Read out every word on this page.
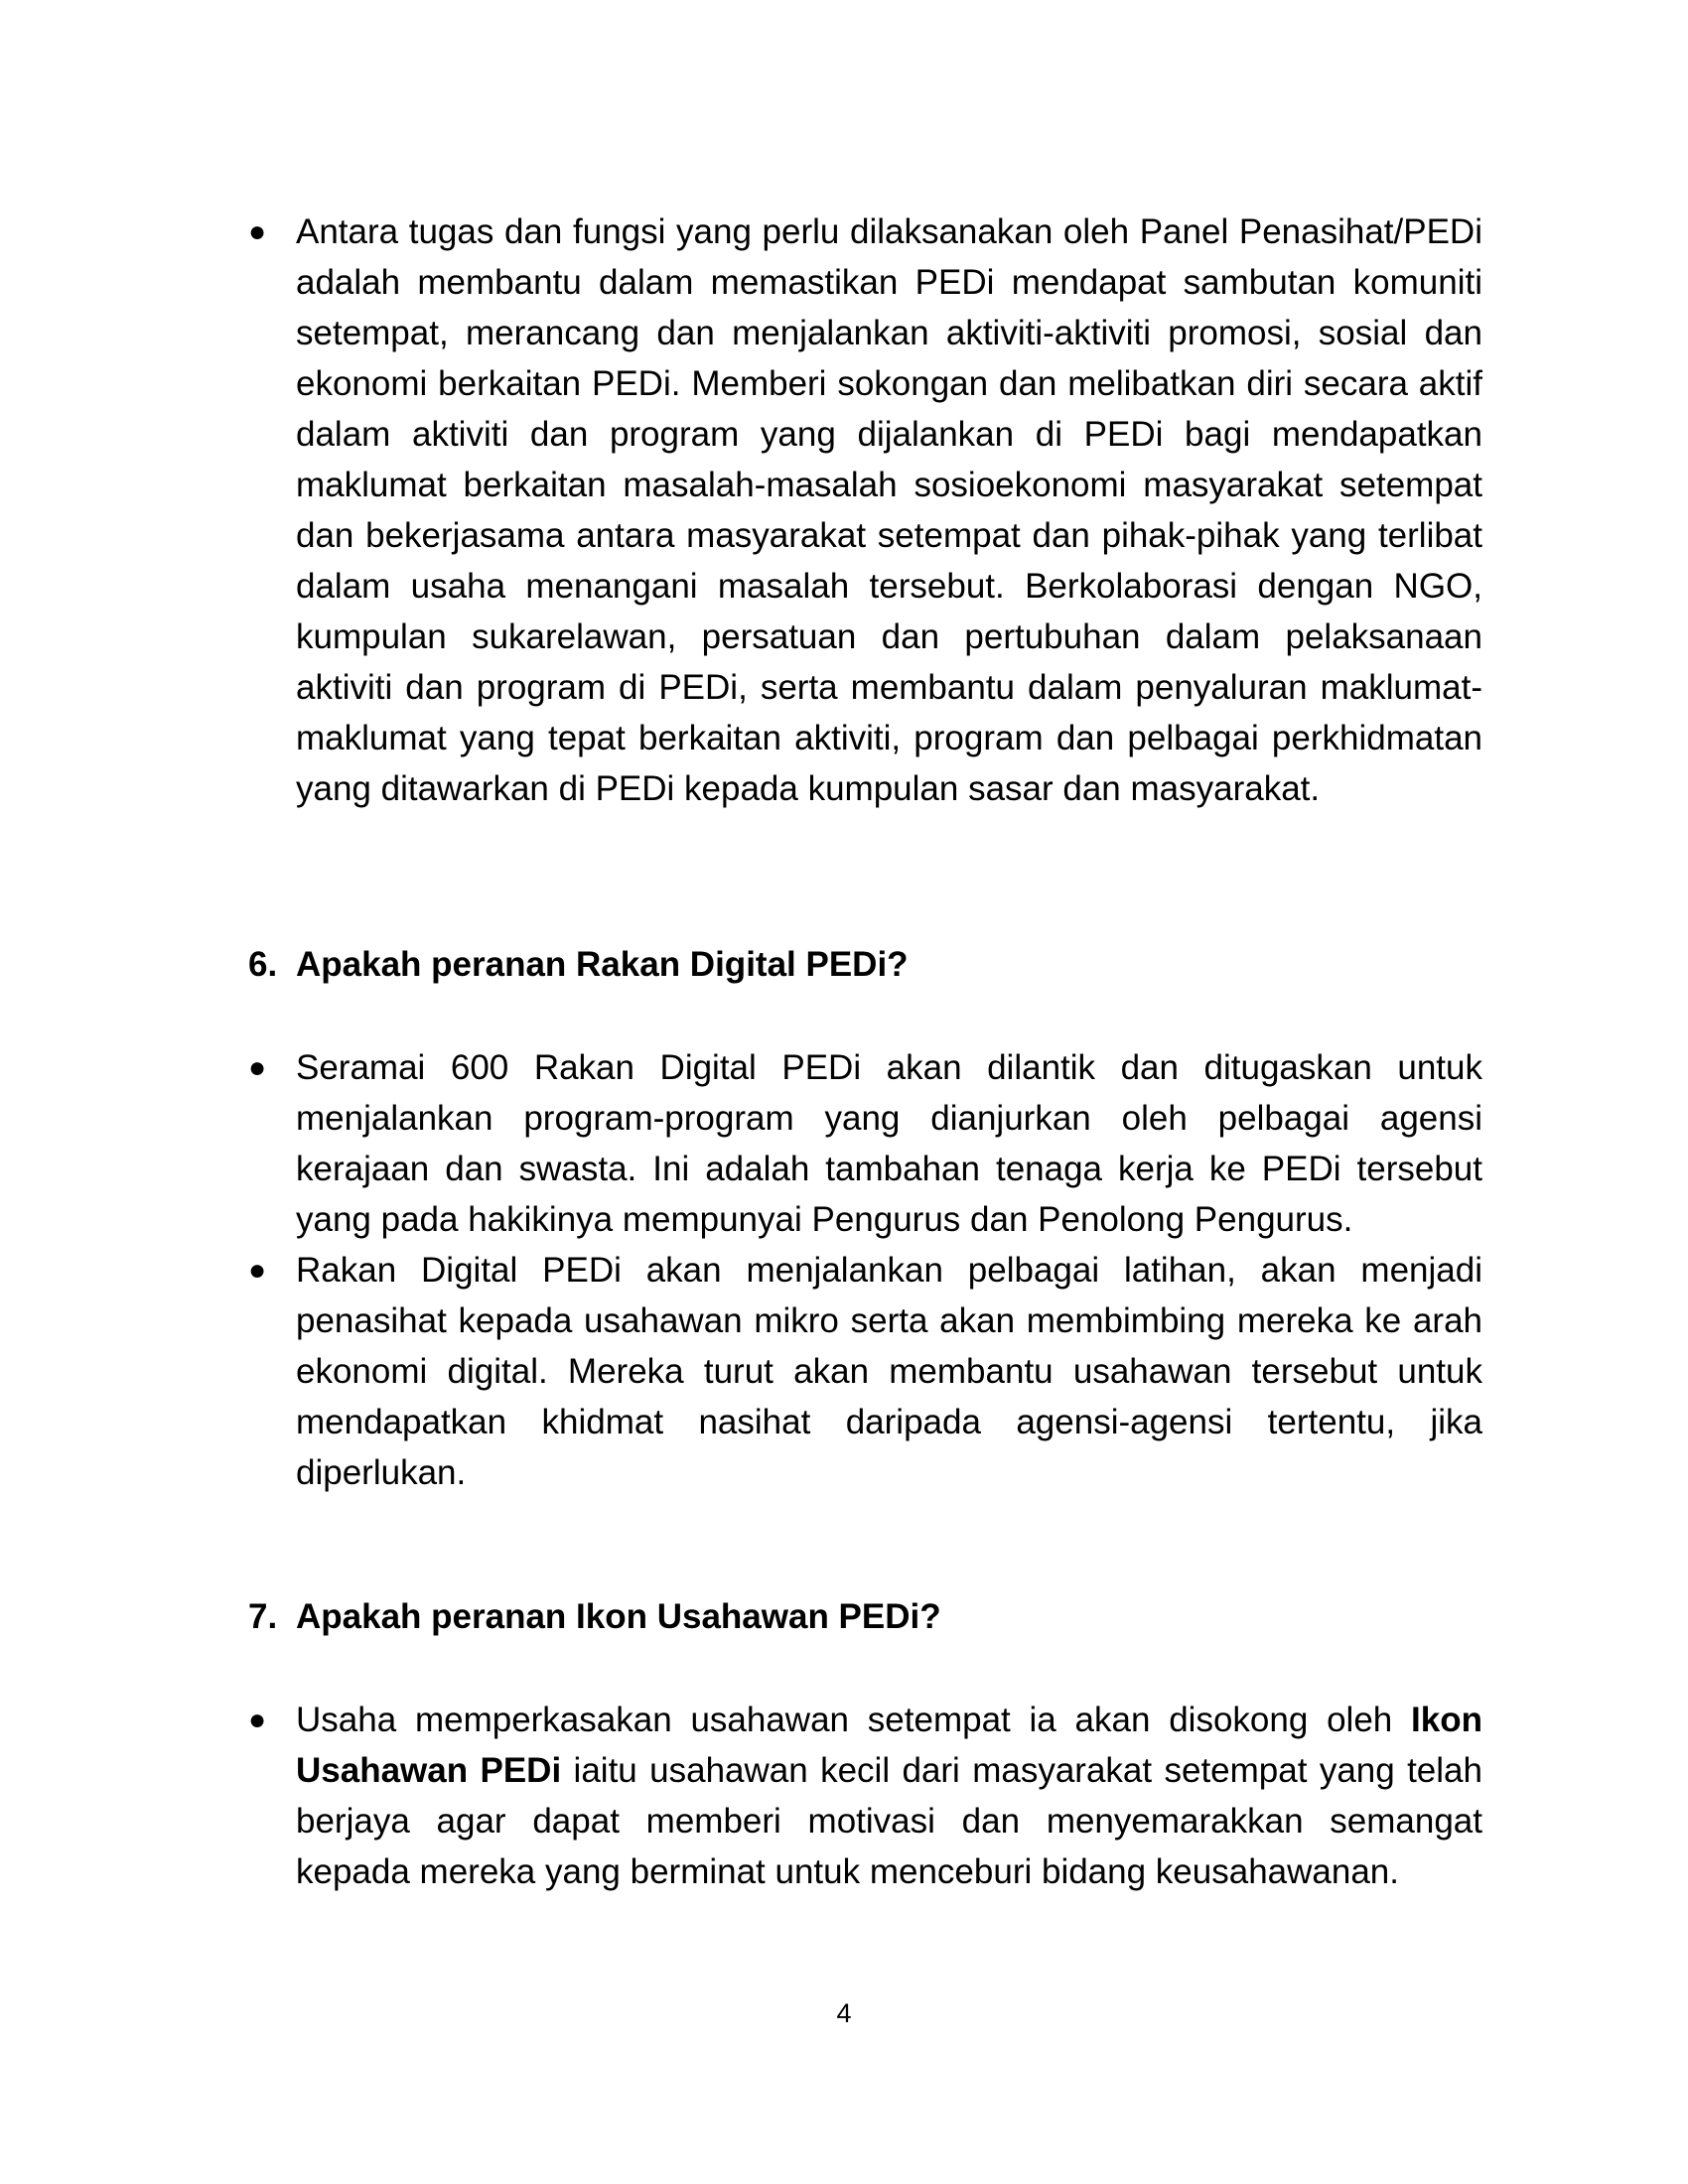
● Antara tugas dan fungsi yang perlu dilaksanakan oleh Panel Penasihat/PEDi adalah membantu dalam memastikan PEDi mendapat sambutan komuniti setempat, merancang dan menjalankan aktiviti-aktiviti promosi, sosial dan ekonomi berkaitan PEDi. Memberi sokongan dan melibatkan diri secara aktif dalam aktiviti dan program yang dijalankan di PEDi bagi mendapatkan maklumat berkaitan masalah-masalah sosioekonomi masyarakat setempat dan bekerjasama antara masyarakat setempat dan pihak-pihak yang terlibat dalam usaha menangani masalah tersebut. Berkolaborasi dengan NGO, kumpulan sukarelawan, persatuan dan pertubuhan dalam pelaksanaan aktiviti dan program di PEDi, serta membantu dalam penyaluran maklumat-maklumat yang tepat berkaitan aktiviti, program dan pelbagai perkhidmatan yang ditawarkan di PEDi kepada kumpulan sasar dan masyarakat.
6. Apakah peranan Rakan Digital PEDi?
● Seramai 600 Rakan Digital PEDi akan dilantik dan ditugaskan untuk menjalankan program-program yang dianjurkan oleh pelbagai agensi kerajaan dan swasta. Ini adalah tambahan tenaga kerja ke PEDi tersebut yang pada hakikinya mempunyai Pengurus dan Penolong Pengurus.
● Rakan Digital PEDi akan menjalankan pelbagai latihan, akan menjadi penasihat kepada usahawan mikro serta akan membimbing mereka ke arah ekonomi digital. Mereka turut akan membantu usahawan tersebut untuk mendapatkan khidmat nasihat daripada agensi-agensi tertentu, jika diperlukan.
7. Apakah peranan Ikon Usahawan PEDi?
● Usaha memperkasakan usahawan setempat ia akan disokong oleh Ikon Usahawan PEDi iaitu usahawan kecil dari masyarakat setempat yang telah berjaya agar dapat memberi motivasi dan menyemarakkan semangat kepada mereka yang berminat untuk menceburi bidang keusahawanan.
4
